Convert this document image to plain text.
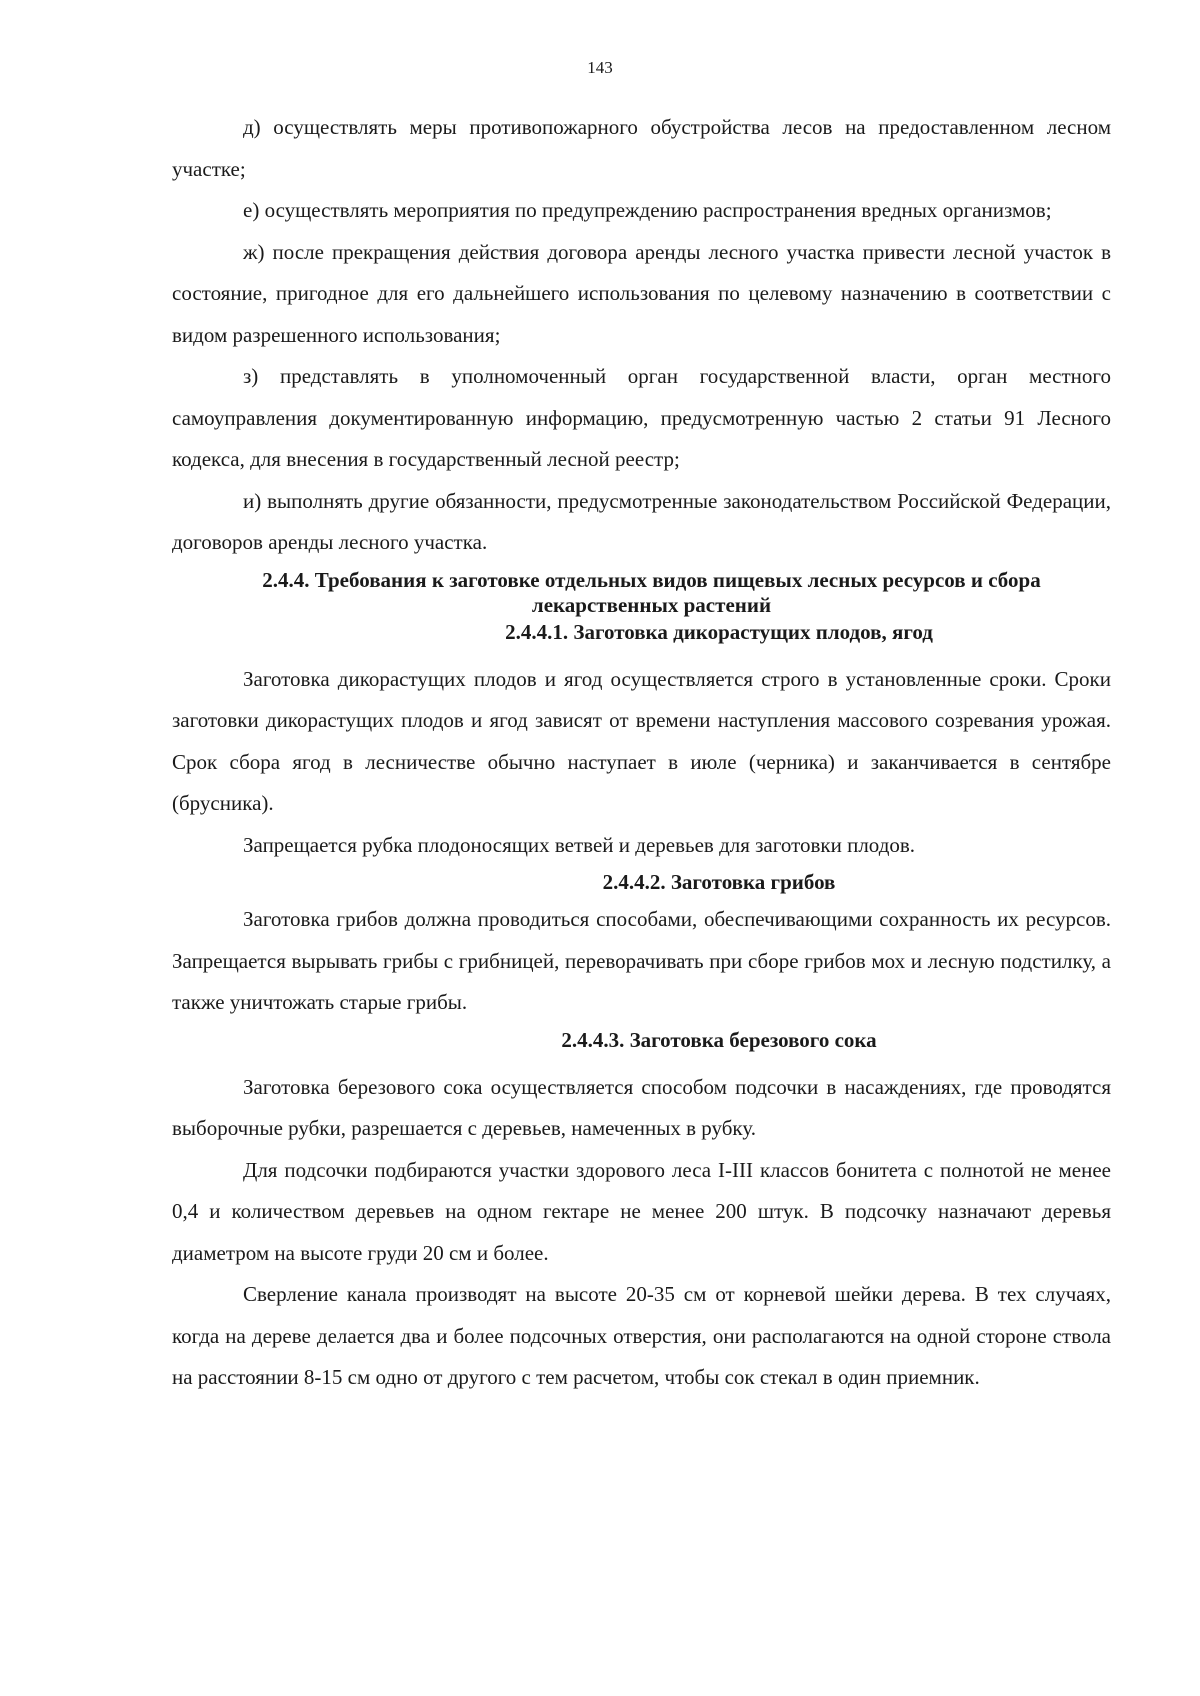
143

д) осуществлять меры противопожарного обустройства лесов на предоставленном лесном участке;

е) осуществлять мероприятия по предупреждению распространения вредных организмов;

ж) после прекращения действия договора аренды лесного участка привести лесной участок в состояние, пригодное для его дальнейшего использования по целевому назначению в соответствии с видом разрешенного использования;

з) представлять в уполномоченный орган государственной власти, орган местного самоуправления документированную информацию, предусмотренную частью 2 статьи 91 Лесного кодекса, для внесения в государственный лесной реестр;

и) выполнять другие обязанности, предусмотренные законодательством Российской Федерации, договоров аренды лесного участка.

2.4.4. Требования к заготовке отдельных видов пищевых лесных ресурсов и сбора
лекарственных растений
2.4.4.1. Заготовка дикорастущих плодов, ягод

Заготовка дикорастущих плодов и ягод осуществляется строго в установленные сроки. Сроки заготовки дикорастущих плодов и ягод зависят от времени наступления массового созревания урожая. Срок сбора ягод в лесничестве обычно наступает в июле (черника) и заканчивается в сентябре (брусника).

Запрещается рубка плодоносящих ветвей и деревьев для заготовки плодов.

2.4.4.2. Заготовка грибов

Заготовка грибов должна проводиться способами, обеспечивающими сохранность их ресурсов. Запрещается вырывать грибы с грибницей, переворачивать при сборе грибов мох и лесную подстилку, а также уничтожать старые грибы.

2.4.4.3. Заготовка березового сока

Заготовка березового сока осуществляется способом подсочки в насаждениях, где проводятся выборочные рубки, разрешается с деревьев, намеченных в рубку.

Для подсочки подбираются участки здорового леса I-III классов бонитета с полнотой не менее 0,4 и количеством деревьев на одном гектаре не менее 200 штук. В подсочку назначают деревья диаметром на высоте груди 20 см и более.

Сверление канала производят на высоте 20-35 см от корневой шейки дерева. В тех случаях, когда на дереве делается два и более подсочных отверстия, они располагаются на одной стороне ствола на расстоянии 8-15 см одно от другого с тем расчетом, чтобы сок стекал в один приемник.
